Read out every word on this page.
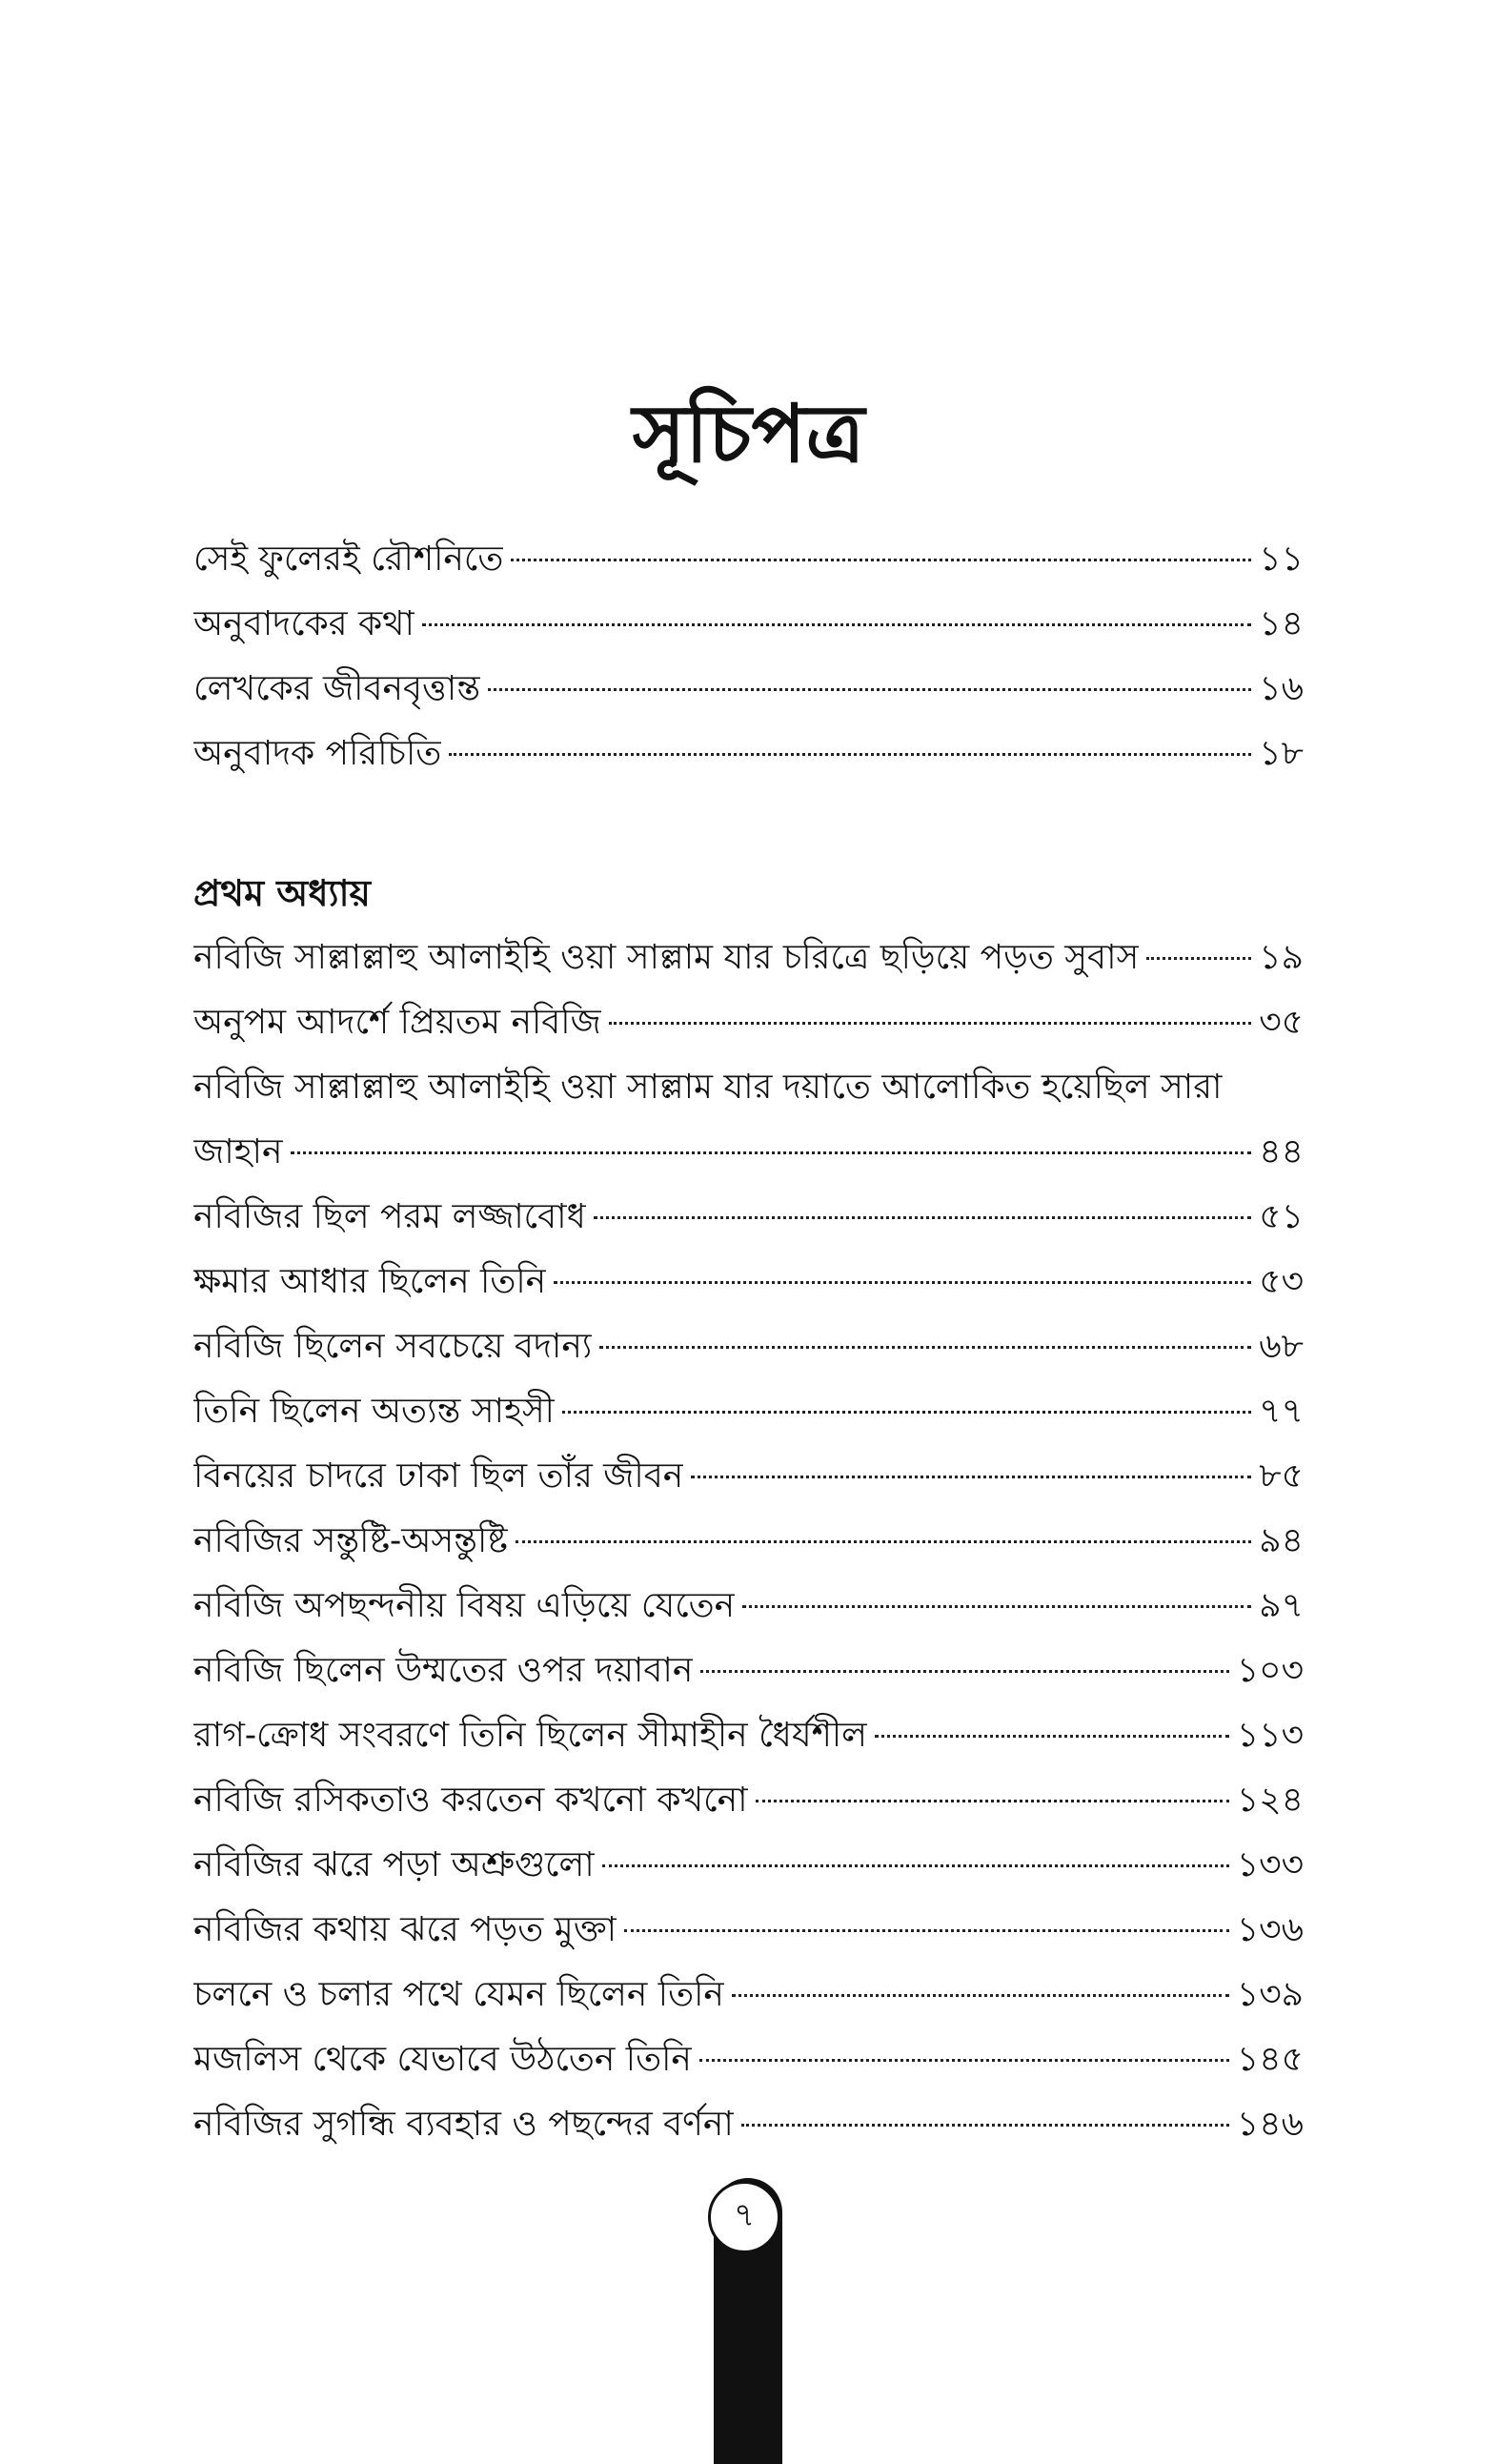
সূচিপত্র
সেই ফুলেরই রৌশনিতে	১১
অনুবাদকের কথা	১৪
লেখকের জীবনবৃত্তান্ত	১৬
অনুবাদক পরিচিতি	১৮
প্রথম অধ্যায়
নবিজি সাল্লাল্লাহু আলাইহি ওয়া সাল্লাম যার চরিত্রে ছড়িয়ে পড়ত সুবাস	১৯
অনুপম আদর্শে প্রিয়তম নবিজি	৩৫
নবিজি সাল্লাল্লাহু আলাইহি ওয়া সাল্লাম যার দয়াতে আলোকিত হয়েছিল সারা
জাহান	৪৪
নবিজির ছিল পরম লজ্জাবোধ	৫১
ক্ষমার আধার ছিলেন তিনি	৫৩
নবিজি ছিলেন সবচেয়ে বদান্য	৬৮
তিনি ছিলেন অত্যন্ত সাহসী	৭৭
বিনয়ের চাদরে ঢাকা ছিল তাঁর জীবন	৮৫
নবিজির সন্তুষ্টি-অসন্তুষ্টি	৯৪
নবিজি অপছন্দনীয় বিষয় এড়িয়ে যেতেন	৯৭
নবিজি ছিলেন উম্মতের ওপর দয়াবান	১০৩
রাগ-ক্রোধ সংবরণে তিনি ছিলেন সীমাহীন ধৈর্যশীল	১১৩
নবিজি রসিকতাও করতেন কখনো কখনো	১২৪
নবিজির ঝরে পড়া অশ্রুগুলো	১৩৩
নবিজির কথায় ঝরে পড়ত মুক্তা	১৩৬
চলনে ও চলার পথে যেমন ছিলেন তিনি	১৩৯
মজলিস থেকে যেভাবে উঠতেন তিনি	১৪৫
নবিজির সুগন্ধি ব্যবহার ও পছন্দের বর্ণনা	১৪৬
৭
